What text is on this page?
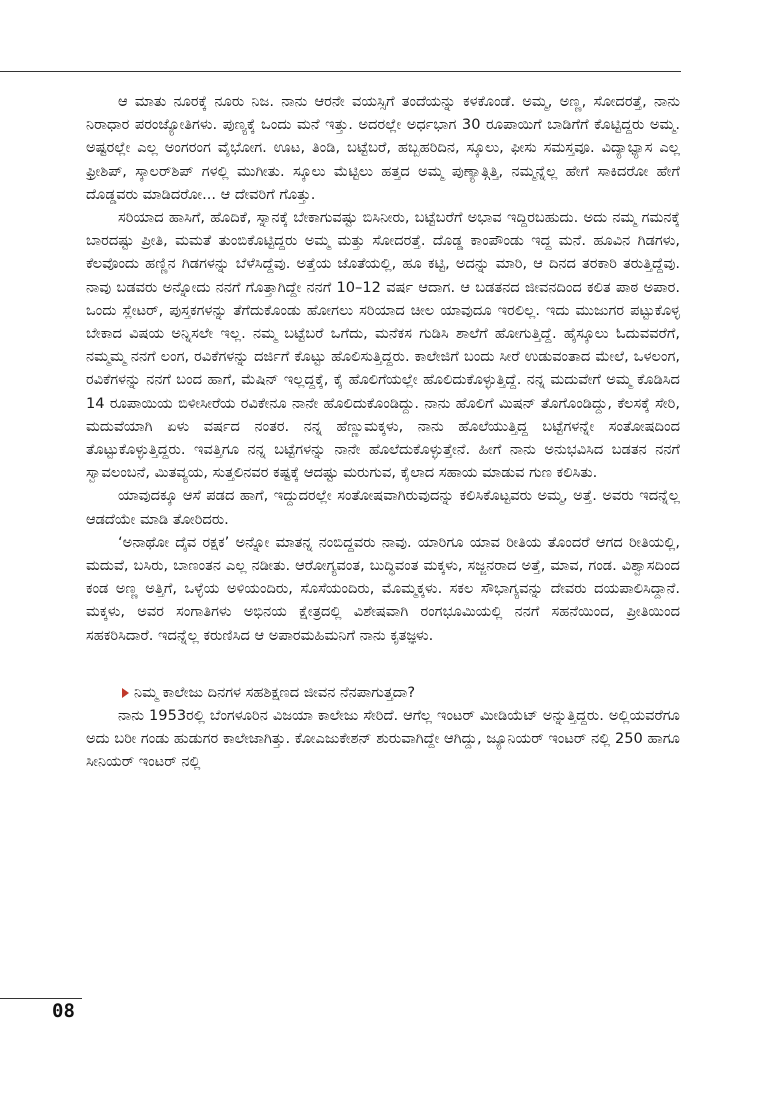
ಆ ಮಾತು ನೂರಕ್ಕೆ ನೂರು ನಿಜ. ನಾನು ಆರನೇ ವಯಸ್ಸಿಗೆ ತಂದೆಯನ್ನು ಕಳಕೊಂಡೆ. ಅಮ್ಮ, ಅಣ್ಣ, ಸೋದರತ್ತೆ, ನಾನು ನಿರಾಧಾರ ಪರಂಜ್ಯೋತಿಗಳು. ಪುಣ್ಯಕ್ಕೆ ಒಂದು ಮನೆ ಇತ್ತು. ಅದರಲ್ಲೇ ಅರ್ಧಭಾಗ 30 ರೂಪಾಯಿಗೆ ಬಾಡಿಗೆಗೆ ಕೊಟ್ಟಿದ್ದರು ಅಮ್ಮ. ಅಷ್ಟರಲ್ಲೇ ಎಲ್ಲ ಅಂಗರಂಗ ವೈಭೋಗ. ಊಟ, ತಿಂಡಿ, ಬಟ್ಟೆಬರೆ, ಹಬ್ಬಹರಿದಿನ, ಸ್ಕೂಲು, ಫೀಸು ಸಮಸ್ತವೂ. ವಿದ್ಯಾಭ್ಯಾಸ ಎಲ್ಲ ಫ್ರೀಶಿಪ್, ಸ್ಕಾಲರ್‌ಶಿಪ್ ಗಳಲ್ಲಿ ಮುಗೀತು. ಸ್ಕೂಲು ಮೆಟ್ಟಿಲು ಹತ್ತದ ಅಮ್ಮ ಪುಣ್ಯಾತ್ಗಿತ್ತಿ, ನಮ್ಮನ್ನೆಲ್ಲ ಹೇಗೆ ಸಾಕಿದರೋ ಹೇಗೆ ದೊಡ್ಡವರು ಮಾಡಿದರೋ... ಆ ದೇವರಿಗೆ ಗೊತ್ತು.

ಸರಿಯಾದ ಹಾಸಿಗೆ, ಹೊದಿಕೆ, ಸ್ನಾನಕ್ಕೆ ಬೇಕಾಗುವಷ್ಟು ಬಿಸಿನೀರು, ಬಟ್ಟೆಬರೆಗೆ ಅಭಾವ ಇದ್ದಿರಬಹುದು. ಅದು ನಮ್ಮ ಗಮನಕ್ಕೆ ಬಾರದಷ್ಟು ಪ್ರೀತಿ, ಮಮತೆ ತುಂಬಿಕೊಟ್ಟಿದ್ದರು ಅಮ್ಮ ಮತ್ತು ಸೋದರತ್ತೆ. ದೊಡ್ಡ ಕಾಂಪೌಂಡು ಇದ್ದ ಮನೆ. ಹೂವಿನ ಗಿಡಗಳು, ಕೆಲವೊಂದು ಹಣ್ಣಿನ ಗಿಡಗಳನ್ನು ಬೆಳೆಸಿದ್ದೆವು. ಅತ್ತೆಯ ಜೊತೆಯಲ್ಲಿ, ಹೂ ಕಟ್ಟಿ, ಅದನ್ನು ಮಾರಿ, ಆ ದಿನದ ತರಕಾರಿ ತರುತ್ತಿದ್ದೆವು. ನಾವು ಬಡವರು ಅನ್ನೋದು ನನಗೆ ಗೊತ್ತಾಗಿದ್ದೇ ನನಗೆ 10–12 ವರ್ಷ ಆದಾಗ. ಆ ಬಡತನದ ಜೀವನದಿಂದ ಕಲಿತ ಪಾಠ ಅಪಾರ. ಒಂದು ಸ್ಲೇಟರ್, ಪುಸ್ತಕಗಳನ್ನು ತೆಗೆದುಕೊಂಡು ಹೋಗಲು ಸರಿಯಾದ ಚೀಲ ಯಾವುದೂ ಇರಲಿಲ್ಲ. ಇದು ಮುಜುಗರ ಪಟ್ಟುಕೊಳ್ಳ ಬೇಕಾದ ವಿಷಯ ಅನ್ನಿಸಲೇ ಇಲ್ಲ. ನಮ್ಮ ಬಟ್ಟೆಬರೆ ಒಗೆದು, ಮನೆಕಸ ಗುಡಿಸಿ ಶಾಲೆಗೆ ಹೋಗುತ್ತಿದ್ದೆ. ಹೈಸ್ಕೂಲು ಓದುವವರೆಗೆ, ನಮ್ಮಮ್ಮ ನನಗೆ ಲಂಗ, ರವಿಕೆಗಳನ್ನು ದರ್ಜಿಗೆ ಕೊಟ್ಟು ಹೊಲಿಸುತ್ತಿದ್ದರು. ಕಾಲೇಜಿಗೆ ಬಂದು ಸೀರೆ ಉಡುವಂತಾದ ಮೇಲೆ, ಒಳಲಂಗ, ರವಿಕೆಗಳನ್ನು ನನಗೆ ಬಂದ ಹಾಗೆ, ಮೆಷಿನ್ ಇಲ್ಲದ್ದಕ್ಕೆ, ಕೈ ಹೊಲಿಗೆಯಲ್ಲೇ ಹೊಲಿದುಕೊಳ್ಳುತ್ತಿದ್ದೆ. ನನ್ನ ಮದುವೇಗೆ ಅಮ್ಮ ಕೊಡಿಸಿದ 14 ರೂಪಾಯಿಯ ಬಿಳೀಸೀರೆಯ ರವಿಕೇನೂ ನಾನೇ ಹೊಲಿದುಕೊಂಡಿದ್ದು. ನಾನು ಹೊಲಿಗೆ ಮಿಷನ್ ತೊಗೊಂಡಿದ್ದು, ಕೆಲಸಕ್ಕೆ ಸೇರಿ, ಮದುವೆಯಾಗಿ ಏಳು ವರ್ಷದ ನಂತರ. ನನ್ನ ಹೆಣ್ಣುಮಕ್ಕಳು, ನಾನು ಹೊಲೆಯುತ್ತಿದ್ದ ಬಟ್ಟೆಗಳನ್ನೇ ಸಂತೋಷದಿಂದ ತೊಟ್ಟುಕೊಳ್ಳುತ್ತಿದ್ದರು. ಇವತ್ತಿಗೂ ನನ್ನ ಬಟ್ಟೆಗಳನ್ನು ನಾನೇ ಹೊಲೆದುಕೊಳ್ಳುತ್ತೇನೆ. ಹೀಗೆ ನಾನು ಅನುಭವಿಸಿದ ಬಡತನ ನನಗೆ ಸ್ವಾವಲಂಬನೆ, ಮಿತವ್ಯಯ, ಸುತ್ತಲಿನವರ ಕಷ್ಟಕ್ಕೆ ಆದಷ್ಟು ಮರುಗುವ, ಕೈಲಾದ ಸಹಾಯ ಮಾಡುವ ಗುಣ ಕಲಿಸಿತು.

ಯಾವುದಕ್ಕೂ ಆಸೆ ಪಡದ ಹಾಗೆ, ಇದ್ದುದರಲ್ಲೇ ಸಂತೋಷವಾಗಿರುವುದನ್ನು ಕಲಿಸಿಕೊಟ್ಟವರು ಅಮ್ಮ, ಅತ್ತೆ. ಅವರು ಇದನ್ನೆಲ್ಲ ಆಡದೆಯೇ ಮಾಡಿ ತೋರಿದರು.

‘ಅನಾಥೋ ದೈವ ರಕ್ಷಕ’ ಅನ್ನೋ ಮಾತನ್ನ ನಂಬಿದ್ದವರು ನಾವು. ಯಾರಿಗೂ ಯಾವ ರೀತಿಯ ತೊಂದರೆ ಆಗದ ರೀತಿಯಲ್ಲಿ, ಮದುವೆ, ಬಸಿರು, ಬಾಣಂತನ ಎಲ್ಲ ನಡೀತು. ಆರೋಗ್ಯವಂತ, ಬುದ್ಧಿವಂತ ಮಕ್ಕಳು, ಸಜ್ಜನರಾದ ಅತ್ತೆ, ಮಾವ, ಗಂಡ. ವಿಶ್ವಾಸದಿಂದ ಕಂಡ ಅಣ್ಣ ಅತ್ತಿಗೆ, ಒಳ್ಳೆಯ ಅಳಿಯಂದಿರು, ಸೊಸೆಯಂದಿರು, ಮೊಮ್ಮಕ್ಕಳು. ಸಕಲ ಸೌಭಾಗ್ಯವನ್ನು ದೇವರು ದಯಪಾಲಿಸಿದ್ದಾನೆ. ಮಕ್ಕಳು, ಅವರ ಸಂಗಾತಿಗಳು ಅಭಿನಯ ಕ್ಷೇತ್ರದಲ್ಲಿ ವಿಶೇಷವಾಗಿ ರಂಗಭೂಮಿಯಲ್ಲಿ ನನಗೆ ಸಹನೆಯಿಂದ, ಪ್ರೀತಿಯಿಂದ ಸಹಕರಿಸಿದಾರೆ. ಇದನ್ನೆಲ್ಲ ಕರುಣಿಸಿದ ಆ ಅಪಾರಮಹಿಮನಿಗೆ ನಾನು ಕೃತಜ್ಞಳು.

ನಿಮ್ಮ ಕಾಲೇಜು ದಿನಗಳ ಸಹಶಿಕ್ಷಣದ ಜೀವನ ನೆನಪಾಗುತ್ತದಾ?

ನಾನು 1953ರಲ್ಲಿ ಬೆಂಗಳೂರಿನ ವಿಜಯಾ ಕಾಲೇಜು ಸೇರಿದೆ. ಆಗೆಲ್ಲ ಇಂಟರ್ ಮೀಡಿಯೆಟ್ ಅನ್ನುತ್ತಿದ್ದರು. ಅಲ್ಲಿಯವರೆಗೂ ಅದು ಬರೀ ಗಂಡು ಹುಡುಗರ ಕಾಲೇಜಾಗಿತ್ತು. ಕೋಎಜುಕೇಶನ್ ಶುರುವಾಗಿದ್ದೇ ಆಗಿದ್ದು, ಜ್ಯೂನಿಯರ್ ಇಂಟರ್ ನಲ್ಲಿ 250 ಹಾಗೂ ಸೀನಿಯರ್ ಇಂಟರ್ ನಲ್ಲಿ

08
